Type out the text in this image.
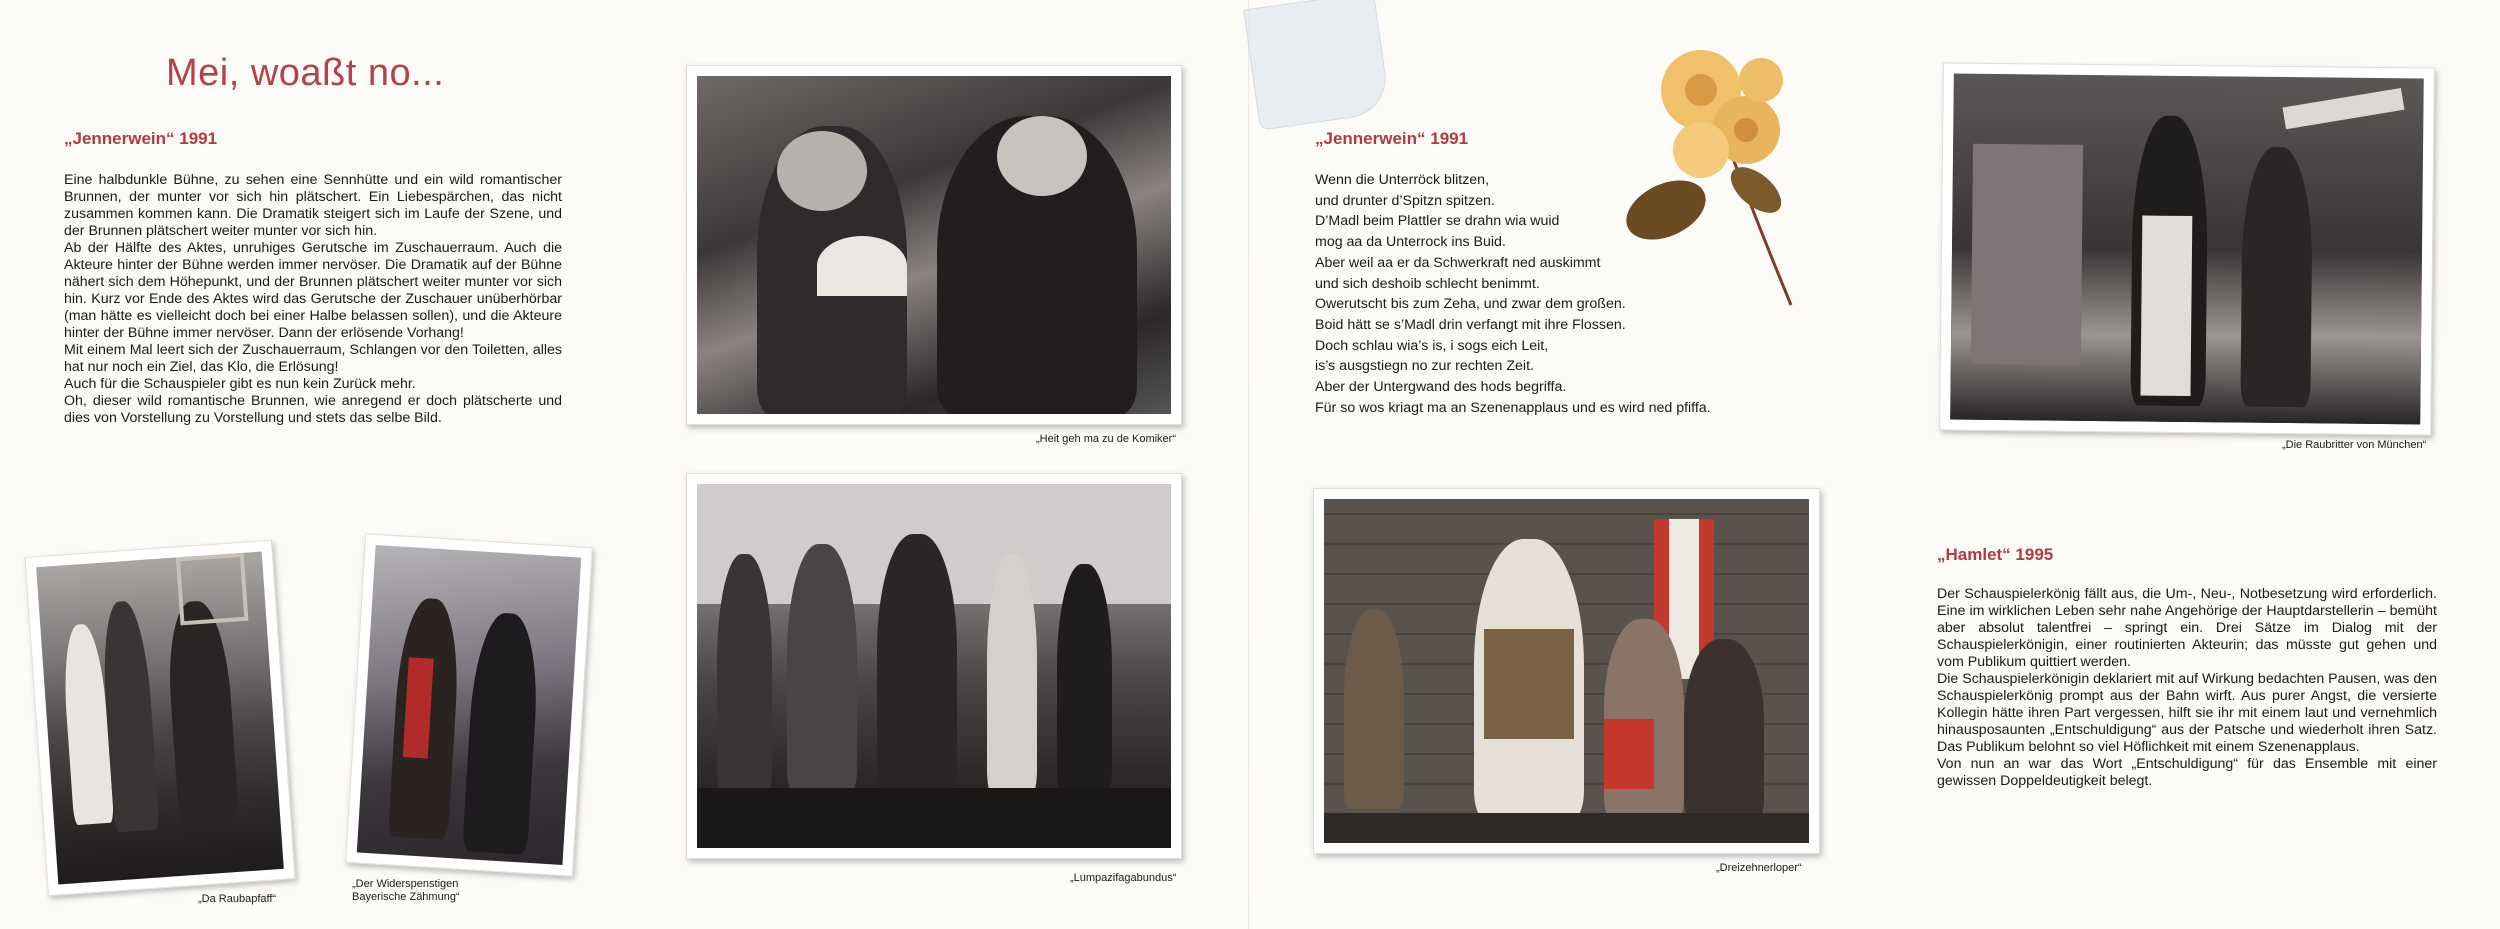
Mei, woaßt no...
„Jennerwein“ 1991

Eine halbdunkle Bühne, zu sehen eine Sennhütte und ein wild romantischer Brunnen, der munter vor sich hin plätschert. Ein Liebespärchen, das nicht zusammen kommen kann. Die Dramatik steigert sich im Laufe der Szene, und der Brunnen plätschert weiter munter vor sich hin.

Ab der Hälfte des Aktes, unruhiges Gerutsche im Zuschauerraum. Auch die Akteure hinter der Bühne werden immer nervöser. Die Dramatik auf der Bühne nähert sich dem Höhepunkt, und der Brunnen plätschert weiter munter vor sich hin. Kurz vor Ende des Aktes wird das Gerutsche der Zuschauer unüberhörbar (man hätte es vielleicht doch bei einer Halbe belassen sollen), und die Akteure hinter der Bühne immer nervöser. Dann der erlösende Vorhang!

Mit einem Mal leert sich der Zuschauerraum, Schlangen vor den Toiletten, alles hat nur noch ein Ziel, das Klo, die Erlösung!

Auch für die Schauspieler gibt es nun kein Zurück mehr.

Oh, dieser wild romantische Brunnen, wie anregend er doch plätscherte und dies von Vorstellung zu Vorstellung und stets das selbe Bild.

„Da Raubapfaff“
„Der Widerspenstigen
Bayerische Zähmung“
„Heit geh ma zu de Komiker“
„Lumpazifagabundus“
„Jennerwein“ 1991
Wenn die Unterröck blitzen,
und drunter d’Spitzn spitzen.
D’Madl beim Plattler se drahn wia wuid
mog aa da Unterrock ins Buid.
Aber weil aa er da Schwerkraft ned auskimmt
und sich deshoib schlecht benimmt.
Owerutscht bis zum Zeha, und zwar dem großen.
Boid hätt se s’Madl drin verfangt mit ihre Flossen.
Doch schlau wia’s is, i sogs eich Leit,
is’s ausgstiegn no zur rechten Zeit.
Aber der Untergwand des hods begriffa.
Für so wos kriagt ma an Szenenapplaus und es wird ned pfiffa.
„Die Raubritter von München“
„Dreizehnerloper“
„Hamlet“ 1995

Der Schauspielerkönig fällt aus, die Um-, Neu-, Notbesetzung wird erforderlich. Eine im wirklichen Leben sehr nahe Angehörige der Hauptdarstellerin – bemüht aber absolut talentfrei – springt ein. Drei Sätze im Dialog mit der Schauspielerkönigin, einer routinierten Akteurin; das müsste gut gehen und vom Publikum quittiert werden.

Die Schauspielerkönigin deklariert mit auf Wirkung bedachten Pausen, was den Schauspielerkönig prompt aus der Bahn wirft. Aus purer Angst, die versierte Kollegin hätte ihren Part vergessen, hilft sie ihr mit einem laut und vernehmlich hinausposaunten „Entschuldigung“ aus der Patsche und wiederholt ihren Satz. Das Publikum belohnt so viel Höflichkeit mit einem Szenenapplaus.

Von nun an war das Wort „Entschuldigung“ für das Ensemble mit einer gewissen Doppeldeutigkeit belegt.
